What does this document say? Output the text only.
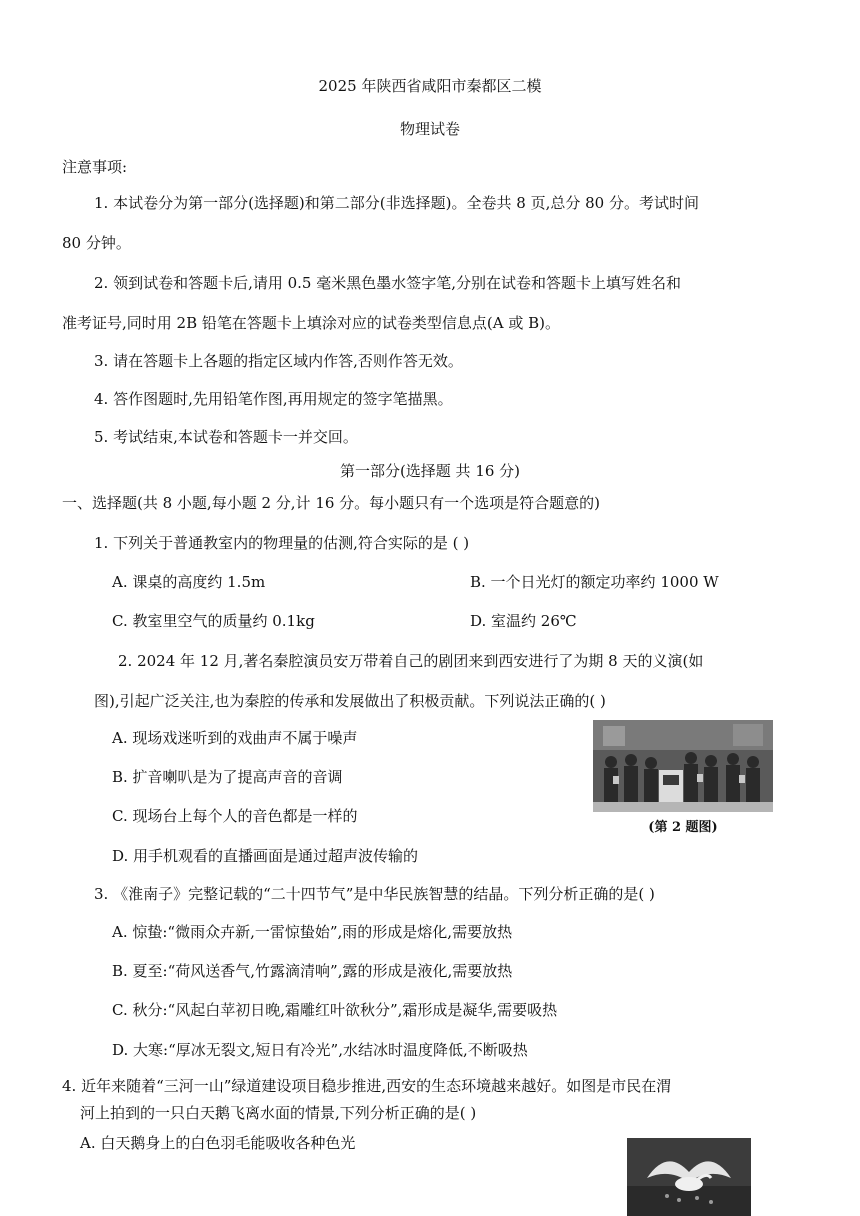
2025 年陕西省咸阳市秦都区二模
物理试卷
注意事项:
1. 本试卷分为第一部分(选择题)和第二部分(非选择题)。全卷共 8 页,总分 80 分。考试时间
80 分钟。
2. 领到试卷和答题卡后,请用 0.5 毫米黑色墨水签字笔,分别在试卷和答题卡上填写姓名和
准考证号,同时用 2B 铅笔在答题卡上填涂对应的试卷类型信息点(A 或 B)。
3. 请在答题卡上各题的指定区域内作答,否则作答无效。
4. 答作图题时,先用铅笔作图,再用规定的签字笔描黑。
5. 考试结束,本试卷和答题卡一并交回。
第一部分(选择题 共 16 分)
一、选择题(共 8 小题,每小题 2 分,计 16 分。每小题只有一个选项是符合题意的)
1. 下列关于普通教室内的物理量的估测,符合实际的是 ( )
A. 课桌的高度约 1.5m	B. 一个日光灯的额定功率约 1000 W
C. 教室里空气的质量约 0.1kg	D. 室温约 26℃
2. 2024 年 12 月,著名秦腔演员安万带着自己的剧团来到西安进行了为期 8 天的义演(如
图),引起广泛关注,也为秦腔的传承和发展做出了积极贡献。下列说法正确的( )
A. 现场戏迷听到的戏曲声不属于噪声
B. 扩音喇叭是为了提高声音的音调
C. 现场台上每个人的音色都是一样的
D. 用手机观看的直播画面是通过超声波传输的
(第 2 题图)
3. 《淮南子》完整记载的“二十四节气”是中华民族智慧的结晶。下列分析正确的是( )
A. 惊蛰:“微雨众卉新,一雷惊蛰始”,雨的形成是熔化,需要放热
B. 夏至:“荷风送香气,竹露滴清响”,露的形成是液化,需要放热
C. 秋分:“风起白苹初日晚,霜雕红叶欲秋分”,霜形成是凝华,需要吸热
D. 大寒:“厚冰无裂文,短日有冷光”,水结冰时温度降低,不断吸热
4. 近年来随着“三河一山”绿道建设项目稳步推进,西安的生态环境越来越好。如图是市民在渭
河上拍到的一只白天鹅飞离水面的情景,下列分析正确的是( )
A. 白天鹅身上的白色羽毛能吸收各种色光
